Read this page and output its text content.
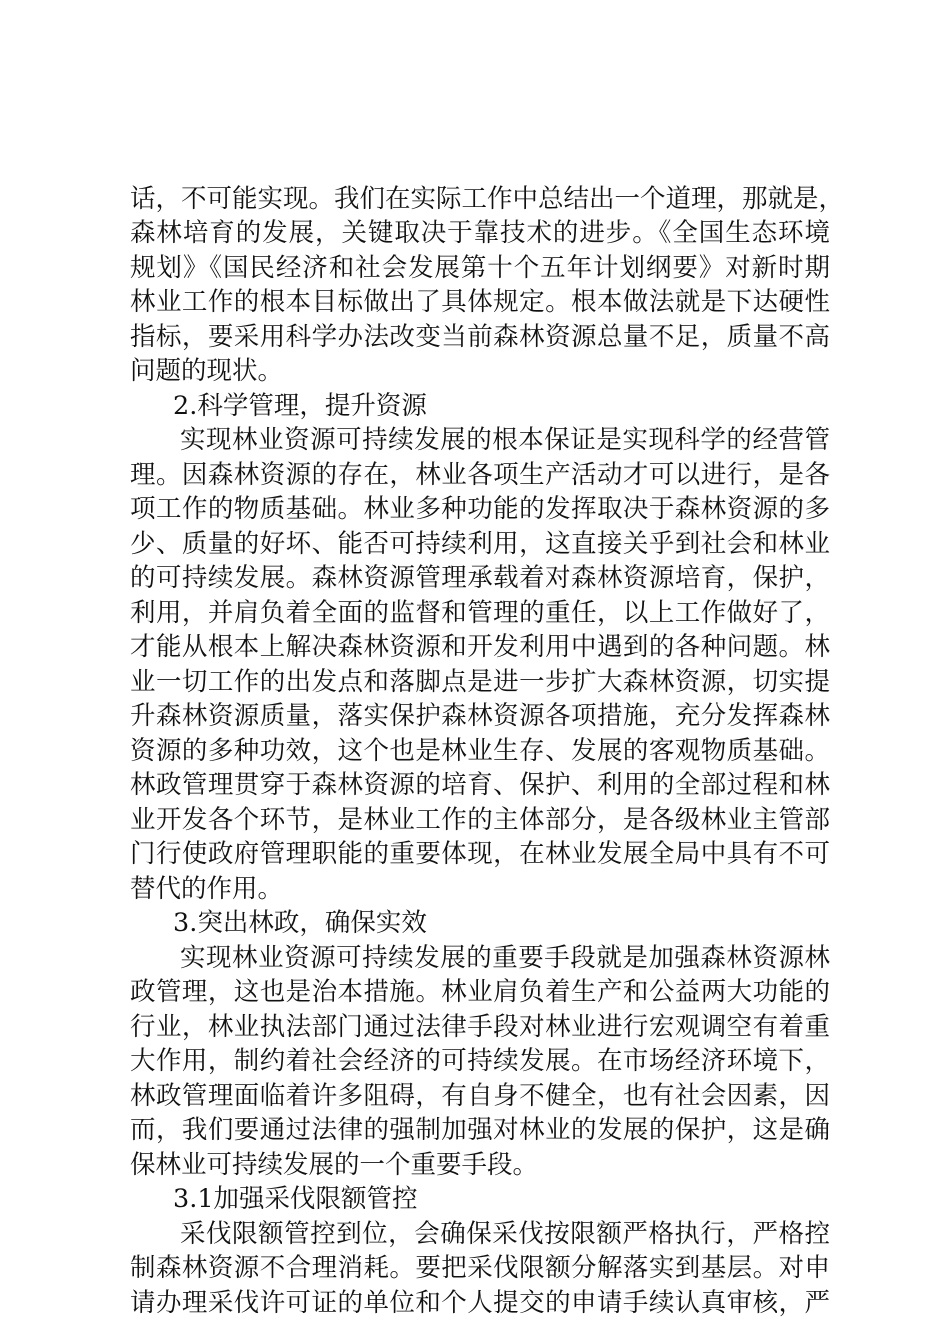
话，不可能实现。我们在实际工作中总结出一个道理，那就是，
森林培育的发展，关键取决于靠技术的进步。《全国生态环境
规划》《国民经济和社会发展第十个五年计划纲要》对新时期
林业工作的根本目标做出了具体规定。根本做法就是下达硬性
指标，要采用科学办法改变当前森林资源总量不足，质量不高
问题的现状。
2.科学管理，提升资源
实现林业资源可持续发展的根本保证是实现科学的经营管
理。因森林资源的存在，林业各项生产活动才可以进行，是各
项工作的物质基础。林业多种功能的发挥取决于森林资源的多
少、质量的好坏、能否可持续利用，这直接关乎到社会和林业
的可持续发展。森林资源管理承载着对森林资源培育，保护，
利用，并肩负着全面的监督和管理的重任，以上工作做好了，
才能从根本上解决森林资源和开发利用中遇到的各种问题。林
业一切工作的出发点和落脚点是进一步扩大森林资源，切实提
升森林资源质量，落实保护森林资源各项措施，充分发挥森林
资源的多种功效，这个也是林业生存、发展的客观物质基础。
林政管理贯穿于森林资源的培育、保护、利用的全部过程和林
业开发各个环节，是林业工作的主体部分，是各级林业主管部
门行使政府管理职能的重要体现，在林业发展全局中具有不可
替代的作用。
3.突出林政，确保实效
实现林业资源可持续发展的重要手段就是加强森林资源林
政管理，这也是治本措施。林业肩负着生产和公益两大功能的
行业，林业执法部门通过法律手段对林业进行宏观调空有着重
大作用，制约着社会经济的可持续发展。在市场经济环境下，
林政管理面临着许多阻碍，有自身不健全，也有社会因素，因
而，我们要通过法律的强制加强对林业的发展的保护，这是确
保林业可持续发展的一个重要手段。
3.1加强采伐限额管控
采伐限额管控到位，会确保采伐按限额严格执行，严格控
制森林资源不合理消耗。要把采伐限额分解落实到基层。对申
请办理采伐许可证的单位和个人提交的申请手续认真审核，严
